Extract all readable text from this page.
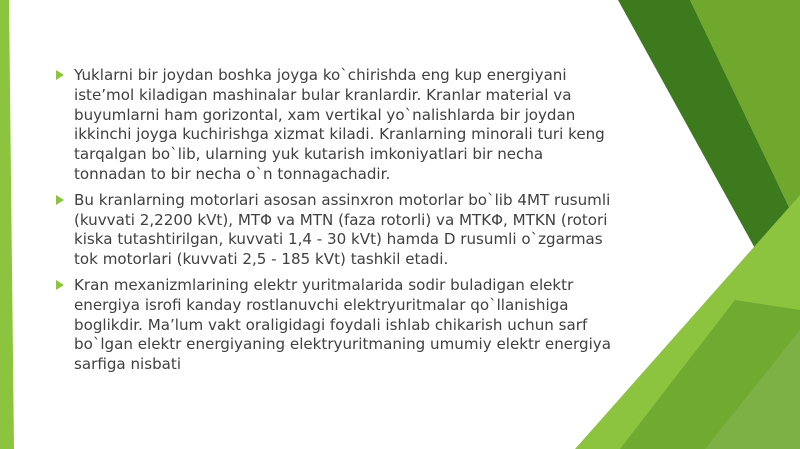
Yuklarni bir joydan boshka joyga ko`chirishda eng kup energiyani iste’mol kiladigan mashinalar bular kranlardir. Kranlar material va buyumlarni ham gorizontal, xam vertikal yo`nalishlarda bir joydan ikkinchi joyga kuchirishga xizmat kiladi. Kranlarning minorali turi keng tarqalgan bo`lib, ularning yuk kutarish imkoniyatlari bir necha tonnadan to bir necha o`n tonnagachadir.
Bu kranlarning motorlari asosan assinxron motorlar bo`lib 4MT rusumli (kuvvati 2,2200 kVt), MTΦ va MTN (faza rotorli) va MTKΦ, MTKN (rotori kiska tutashtirilgan, kuvvati 1,4 - 30 kVt) hamda D rusumli o`zgarmas tok motorlari (kuvvati 2,5 - 185 kVt) tashkil etadi.
Kran mexanizmlarining elektr yuritmalarida sodir buladigan elektr energiya isrofi kanday rostlanuvchi elektryuritmalar qo`llanishiga boglikdir. Ma’lum vakt oraligidagi foydali ishlab chikarish uchun sarf bo`lgan elektr energiyaning elektryuritmaning umumiy elektr energiya sarfiga nisbati
